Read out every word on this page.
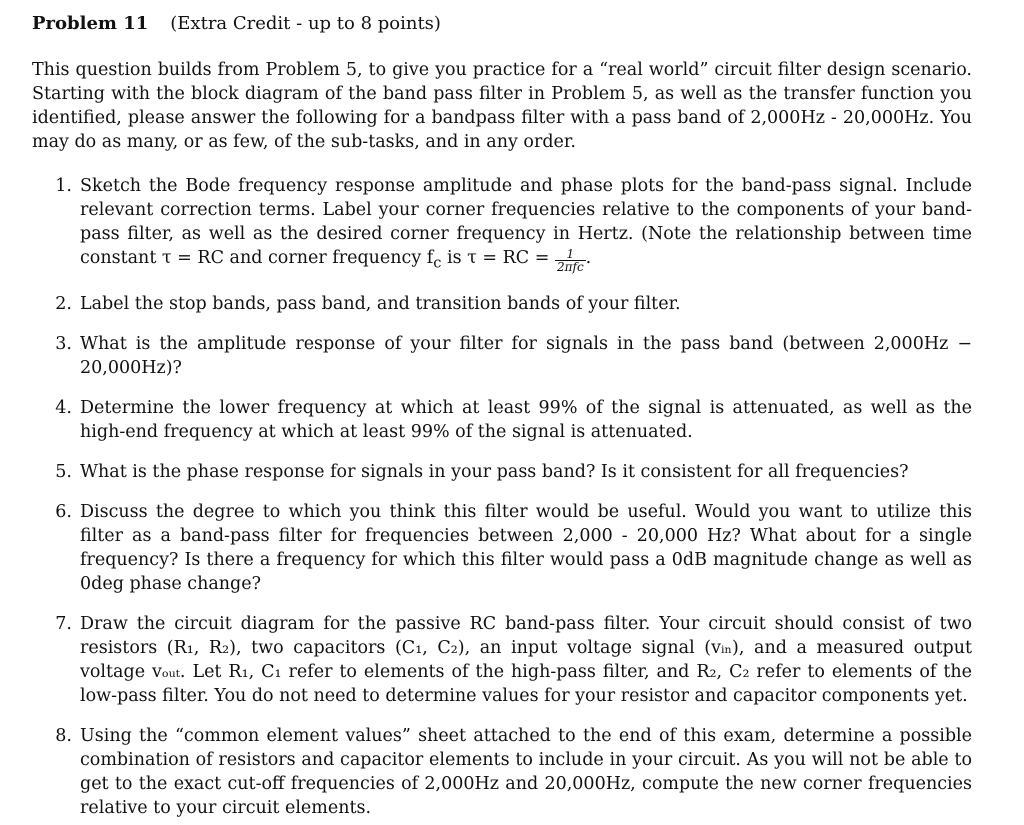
Problem 11 (Extra Credit - up to 8 points)

This question builds from Problem 5, to give you practice for a “real world” circuit filter design scenario. Starting with the block diagram of the band pass filter in Problem 5, as well as the transfer function you identified, please answer the following for a bandpass filter with a pass band of 2,000Hz - 20,000Hz. You may do as many, or as few, of the sub-tasks, and in any order.

1. Sketch the Bode frequency response amplitude and phase plots for the band-pass signal. Include relevant correction terms. Label your corner frequencies relative to the components of your band-pass filter, as well as the desired corner frequency in Hertz. (Note the relationship between time constant τ = RC and corner frequency $f_c$ is τ = RC = $\frac{1}{\text{2πfc}}$ .
2. Label the stop bands, pass band, and transition bands of your filter.
3. What is the amplitude response of your filter for signals in the pass band (between 2,000Hz − 20,000Hz)?
4. Determine the lower frequency at which at least 99% of the signal is attenuated, as well as the high-end frequency at which at least 99% of the signal is attenuated.
5. What is the phase response for signals in your pass band? Is it consistent for all frequencies?
6. Discuss the degree to which you think this filter would be useful. Would you want to utilize this filter as a band-pass filter for frequencies between 2,000 - 20,000 Hz? What about for a single frequency? Is there a frequency for which this filter would pass a 0dB magnitude change as well as 0deg phase change?
7. Draw the circuit diagram for the passive RC band-pass filter. Your circuit should consist of two resistors (R₁, R₂), two capacitors (C₁, C₂), an input voltage signal (vᵢₙ), and a measured output voltage vₒᵤₜ. Let R₁, C₁ refer to elements of the high-pass filter, and R₂, C₂ refer to elements of the low-pass filter. You do not need to determine values for your resistor and capacitor components yet.
8. Using the “common element values” sheet attached to the end of this exam, determine a possible combination of resistors and capacitor elements to include in your circuit. As you will not be able to get to the exact cut-off frequencies of 2,000Hz and 20,000Hz, compute the new corner frequencies relative to your circuit elements.
